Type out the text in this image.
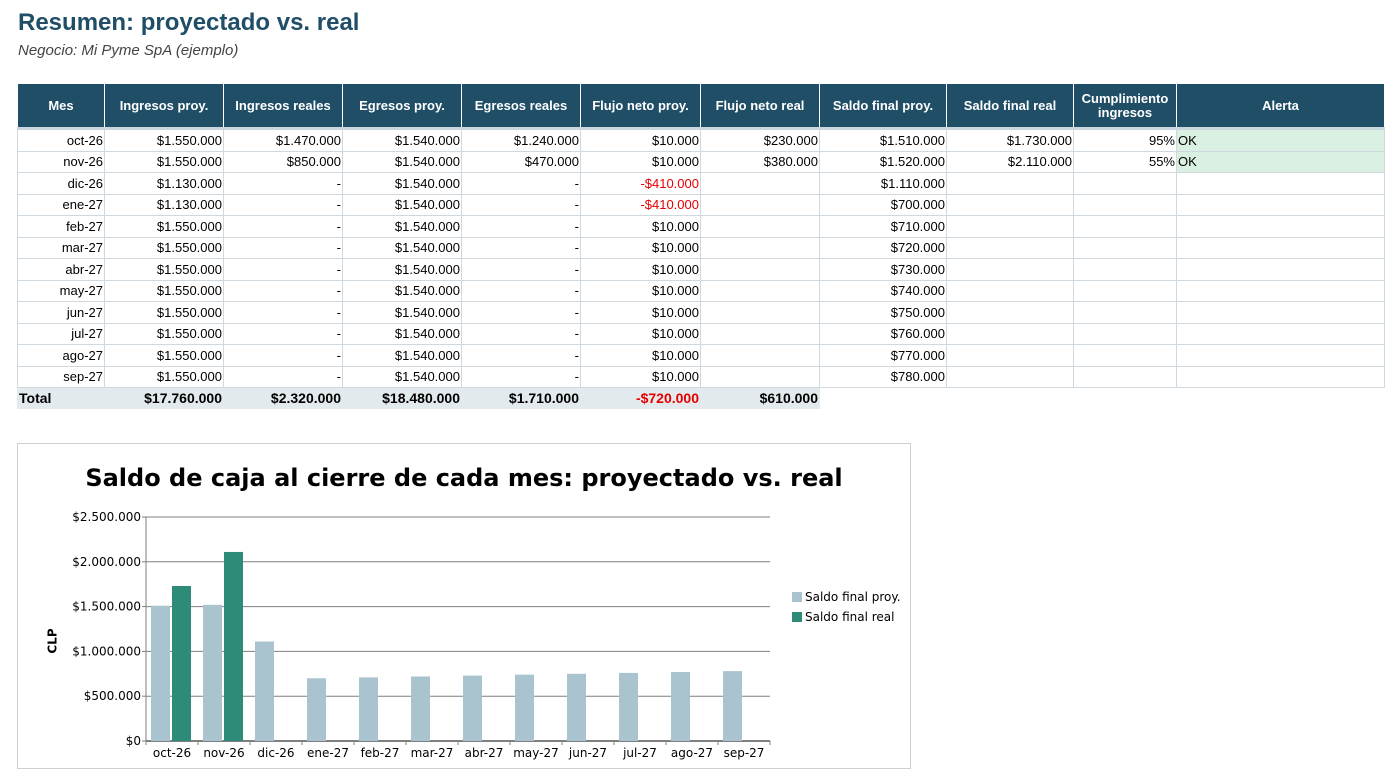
Resumen: proyectado vs. real
Negocio: Mi Pyme SpA (ejemplo)
Mes	Ingresos proy.	Ingresos reales	Egresos proy.	Egresos reales	Flujo neto proy.	Flujo neto real	Saldo final proy.	Saldo final real	Cumplimiento ingresos	Alerta
oct-26	$1.550.000	$1.470.000	$1.540.000	$1.240.000	$10.000	$230.000	$1.510.000	$1.730.000	95%	OK
nov-26	$1.550.000	$850.000	$1.540.000	$470.000	$10.000	$380.000	$1.520.000	$2.110.000	55%	OK
dic-26	$1.130.000	-	$1.540.000	-	-$410.000		$1.110.000			
ene-27	$1.130.000	-	$1.540.000	-	-$410.000		$700.000			
feb-27	$1.550.000	-	$1.540.000	-	$10.000		$710.000			
mar-27	$1.550.000	-	$1.540.000	-	$10.000		$720.000			
abr-27	$1.550.000	-	$1.540.000	-	$10.000		$730.000			
may-27	$1.550.000	-	$1.540.000	-	$10.000		$740.000			
jun-27	$1.550.000	-	$1.540.000	-	$10.000		$750.000			
jul-27	$1.550.000	-	$1.540.000	-	$10.000		$760.000			
ago-27	$1.550.000	-	$1.540.000	-	$10.000		$770.000			
sep-27	$1.550.000	-	$1.540.000	-	$10.000		$780.000			
Total	$17.760.000	$2.320.000	$18.480.000	$1.710.000	-$720.000	$610.000				
Saldo de caja al cierre de cada mes: proyectado vs. real
$0
$500.000
$1.000.000
$1.500.000
$2.000.000
$2.500.000
oct-26 nov-26 dic-26 ene-27 feb-27 mar-27 abr-27 may-27 jun-27 jul-27 ago-27 sep-27
CLP
Saldo final proy.
Saldo final real
